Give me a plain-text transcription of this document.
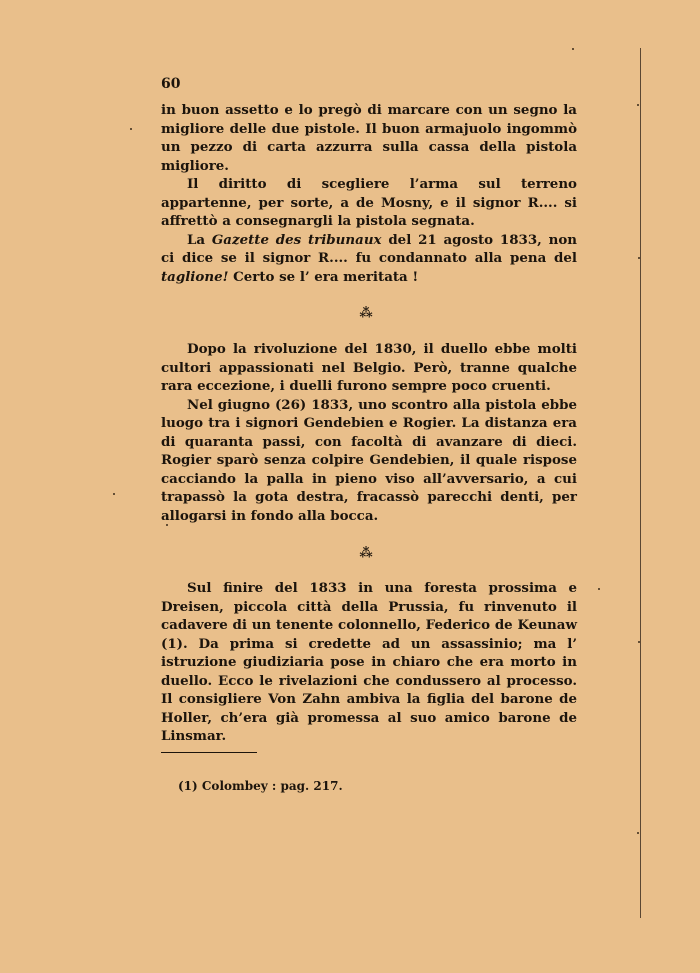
60

in buon assetto e lo pregò di marcare con un segno la migliore delle due pistole. Il buon armajuolo ingommò un pezzo di carta azzurra sulla cassa della pistola migliore.

Il diritto di scegliere l’arma sul terreno appartenne, per sorte, a de Mosny, e il signor R.... si affrettò a consegnargli la pistola segnata.

La Gazette des tribunaux del 21 agosto 1833, non ci dice se il signor R.... fu condannato alla pena del taglione! Certo se l’ era meritata !

⁂

Dopo la rivoluzione del 1830, il duello ebbe molti cultori appassionati nel Belgio. Però, tranne qualche rara eccezione, i duelli furono sempre poco cruenti.

Nel giugno (26) 1833, uno scontro alla pistola ebbe luogo tra i signori Gendebien e Rogier. La distanza era di quaranta passi, con facoltà di avanzare di dieci. Rogier sparò senza colpire Gendebien, il quale rispose cacciando la palla in pieno viso all’avversario, a cui trapassò la gota destra, fracassò parecchi denti, per allogarsi in fondo alla bocca.

⁂

Sul finire del 1833 in una foresta prossima e Dreisen, piccola città della Prussia, fu rinvenuto il cadavere di un tenente colonnello, Federico de Keunaw (1). Da prima si credette ad un assassinio; ma l’ istruzione giudiziaria pose in chiaro che era morto in duello. Ecco le rivelazioni che condussero al processo. Il consigliere Von Zahn ambiva la figlia del barone de Holler, ch’era già promessa al suo amico barone de Linsmar.

(1) Colombey : pag. 217.
